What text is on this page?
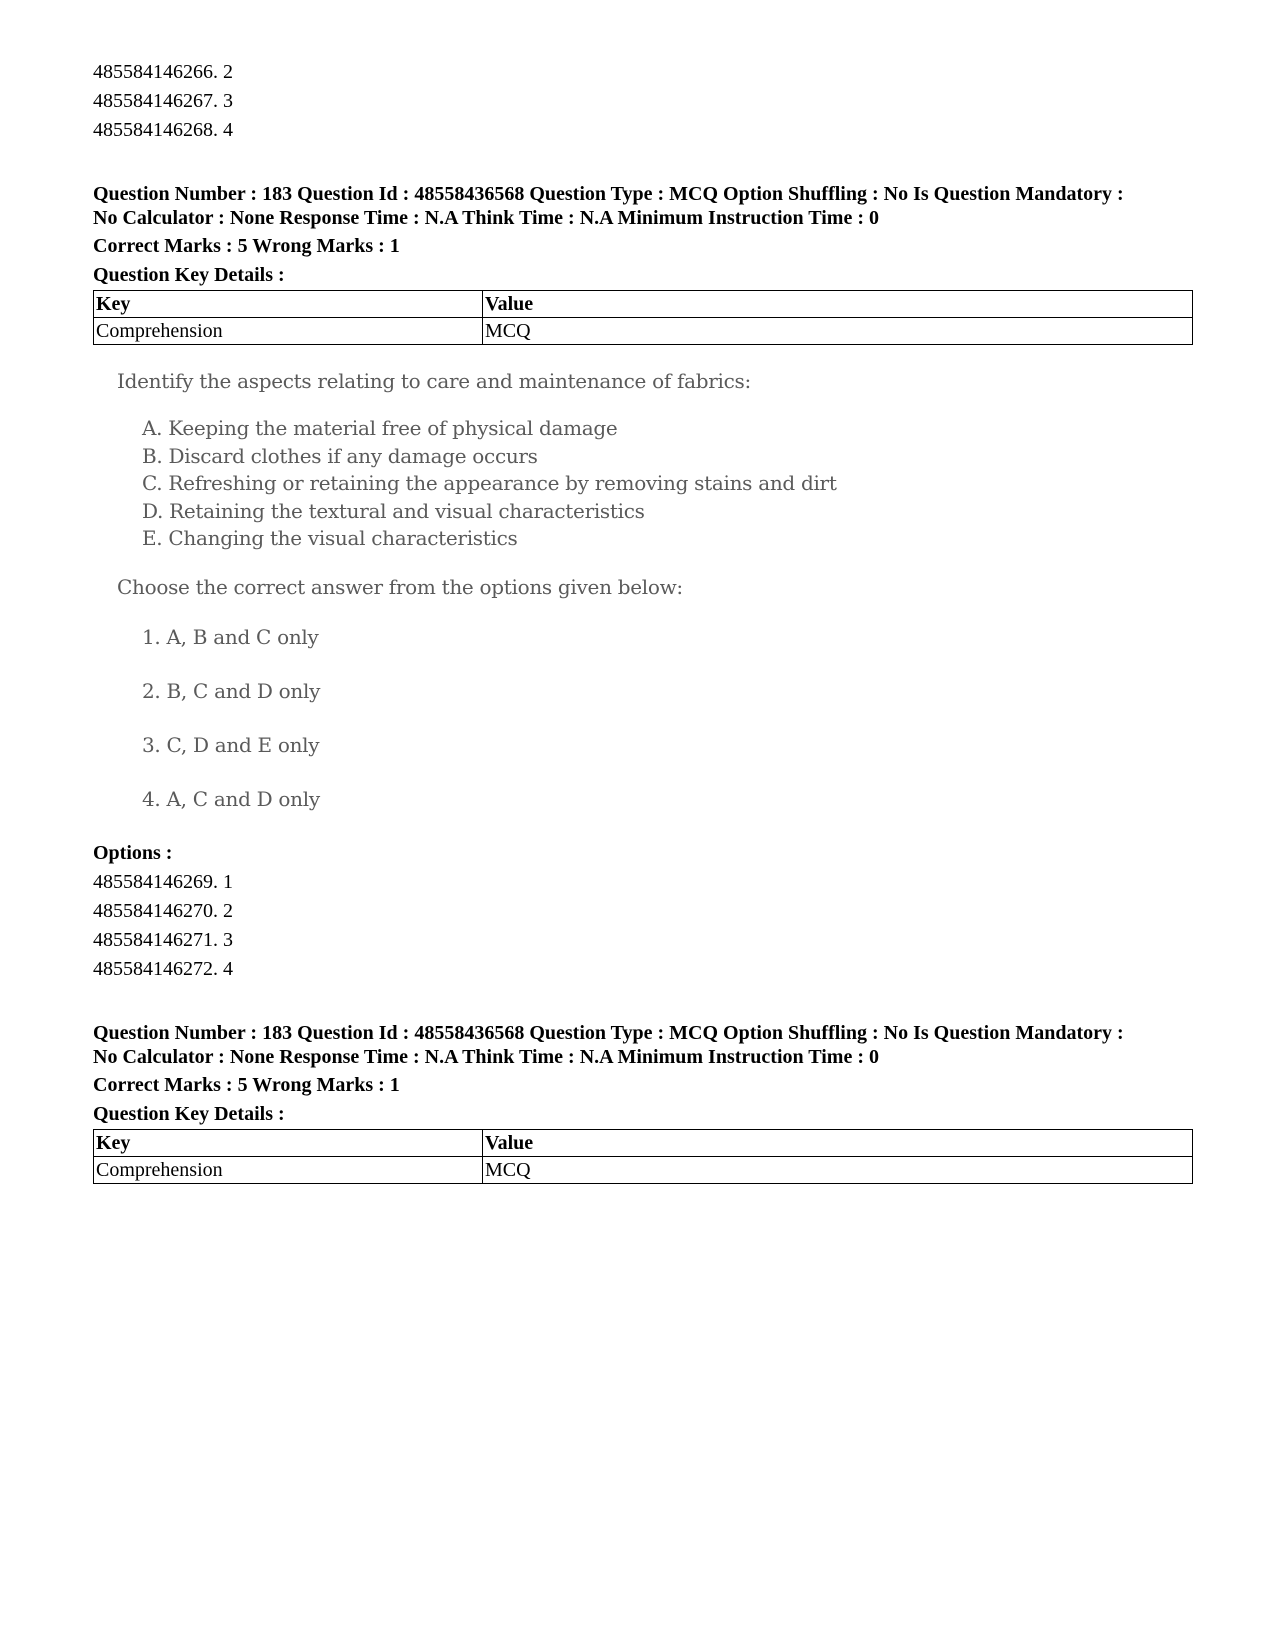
485584146266. 2
485584146267. 3
485584146268. 4
Question Number : 183 Question Id : 48558436568 Question Type : MCQ Option Shuffling : No Is Question Mandatory :
No Calculator : None Response Time : N.A Think Time : N.A Minimum Instruction Time : 0
Correct Marks : 5 Wrong Marks : 1
Question Key Details :
Key	Value
Comprehension	MCQ
Identify the aspects relating to care and maintenance of fabrics:
A. Keeping the material free of physical damage
B. Discard clothes if any damage occurs
C. Refreshing or retaining the appearance by removing stains and dirt
D. Retaining the textural and visual characteristics
E. Changing the visual characteristics
Choose the correct answer from the options given below:
1. A, B and C only
2. B, C and D only
3. C, D and E only
4. A, C and D only
Options :
485584146269. 1
485584146270. 2
485584146271. 3
485584146272. 4
Question Number : 183 Question Id : 48558436568 Question Type : MCQ Option Shuffling : No Is Question Mandatory :
No Calculator : None Response Time : N.A Think Time : N.A Minimum Instruction Time : 0
Correct Marks : 5 Wrong Marks : 1
Question Key Details :
Key	Value
Comprehension	MCQ
